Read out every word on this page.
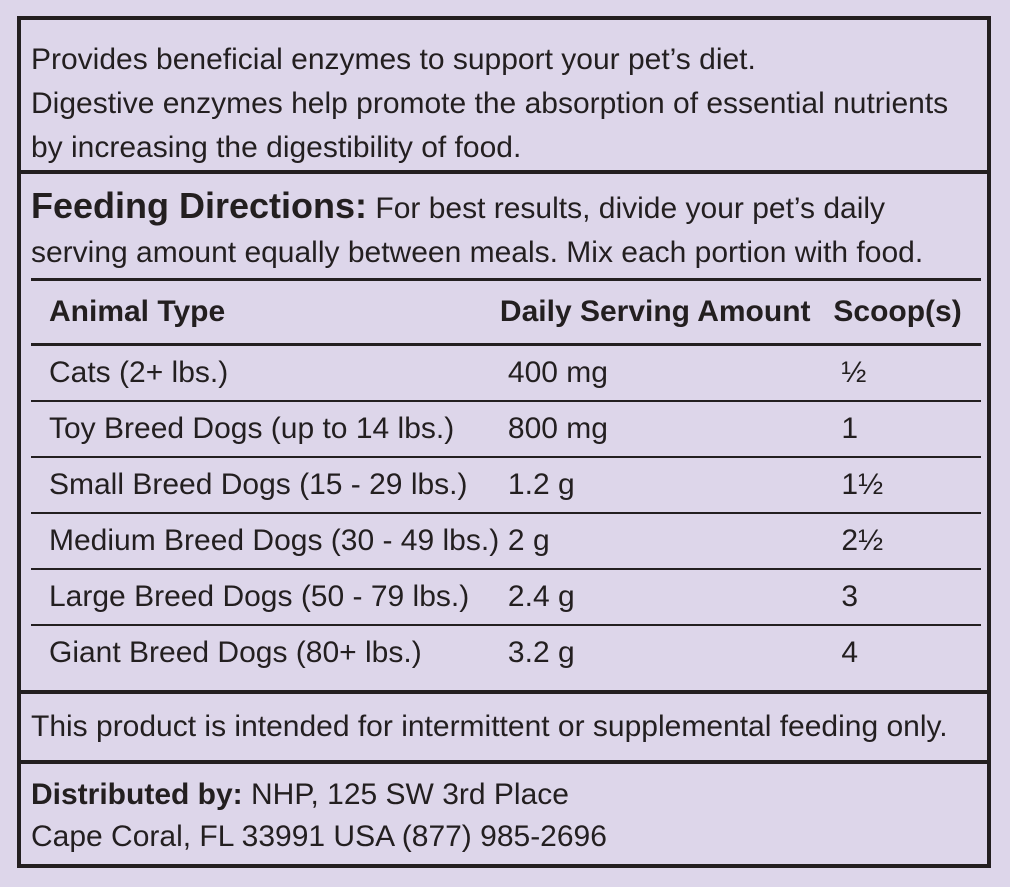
Provides beneficial enzymes to support your pet’s diet.
Digestive enzymes help promote the absorption of essential nutrients
by increasing the digestibility of food.
Feeding Directions: For best results, divide your pet’s daily
serving amount equally between meals. Mix each portion with food.
Animal Type	Daily Serving Amount	Scoop(s)
Cats (2+ lbs.)	400 mg	½
Toy Breed Dogs (up to 14 lbs.)	800 mg	1
Small Breed Dogs (15 - 29 lbs.)	1.2 g	1½
Medium Breed Dogs (30 - 49 lbs.)	2 g	2½
Large Breed Dogs (50 - 79 lbs.)	2.4 g	3
Giant Breed Dogs (80+ lbs.)	3.2 g	4
This product is intended for intermittent or supplemental feeding only.
Distributed by: NHP, 125 SW 3rd Place
Cape Coral, FL 33991 USA (877) 985-2696
